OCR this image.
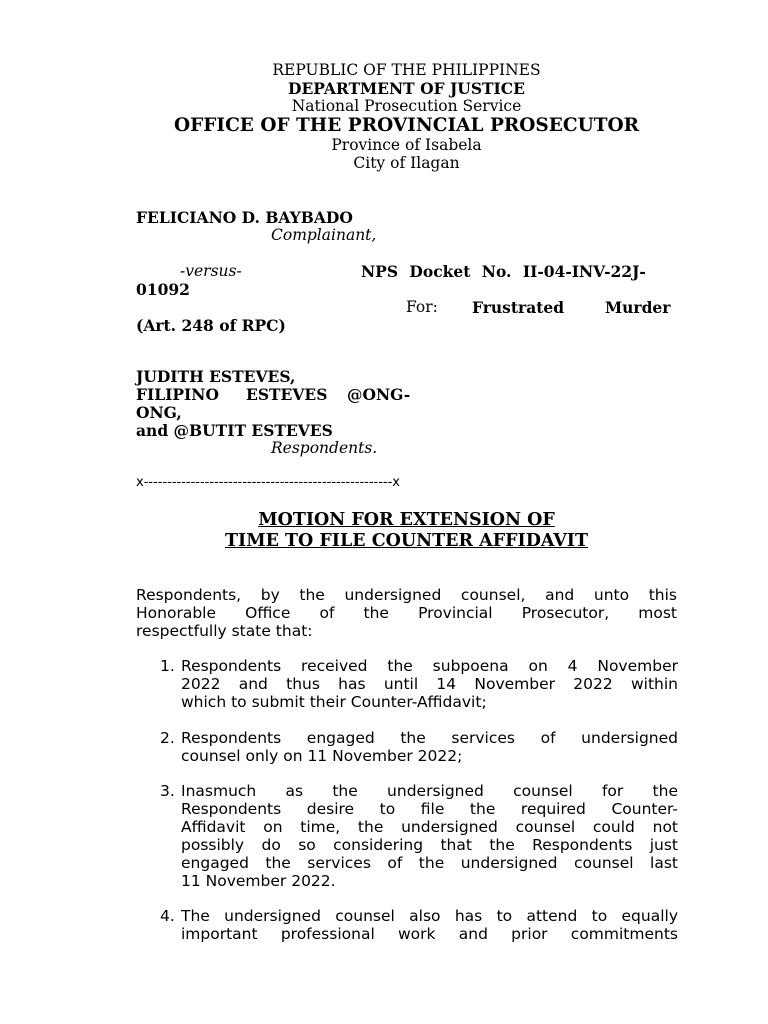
REPUBLIC OF THE PHILIPPINES
DEPARTMENT OF JUSTICE
National Prosecution Service
OFFICE OF THE PROVINCIAL PROSECUTOR
Province of Isabela
City of Ilagan
FELICIANO D. BAYBADO
Complainant,
-versus-	NPS Docket No. II-04-INV-22J-
01092
For: Frustrated	Murder
(Art. 248 of RPC)
JUDITH ESTEVES,
FILIPINO ESTEVES @ONG-
ONG,
and @BUTIT ESTEVES
Respondents.
x-----------------------------------------------------x
MOTION FOR EXTENSION OF
TIME TO FILE COUNTER AFFIDAVIT
Respondents, by the undersigned counsel, and unto this
Honorable Office of the Provincial Prosecutor, most
respectfully state that:
1. Respondents received the subpoena on 4 November
2022 and thus has until 14 November 2022 within
which to submit their Counter-Affidavit;
2. Respondents engaged the services of undersigned
counsel only on 11 November 2022;
3. Inasmuch as the undersigned counsel for the
Respondents desire to file the required Counter-
Affidavit on time, the undersigned counsel could not
possibly do so considering that the Respondents just
engaged the services of the undersigned counsel last
11 November 2022.
4. The undersigned counsel also has to attend to equally
important professional work and prior commitments
